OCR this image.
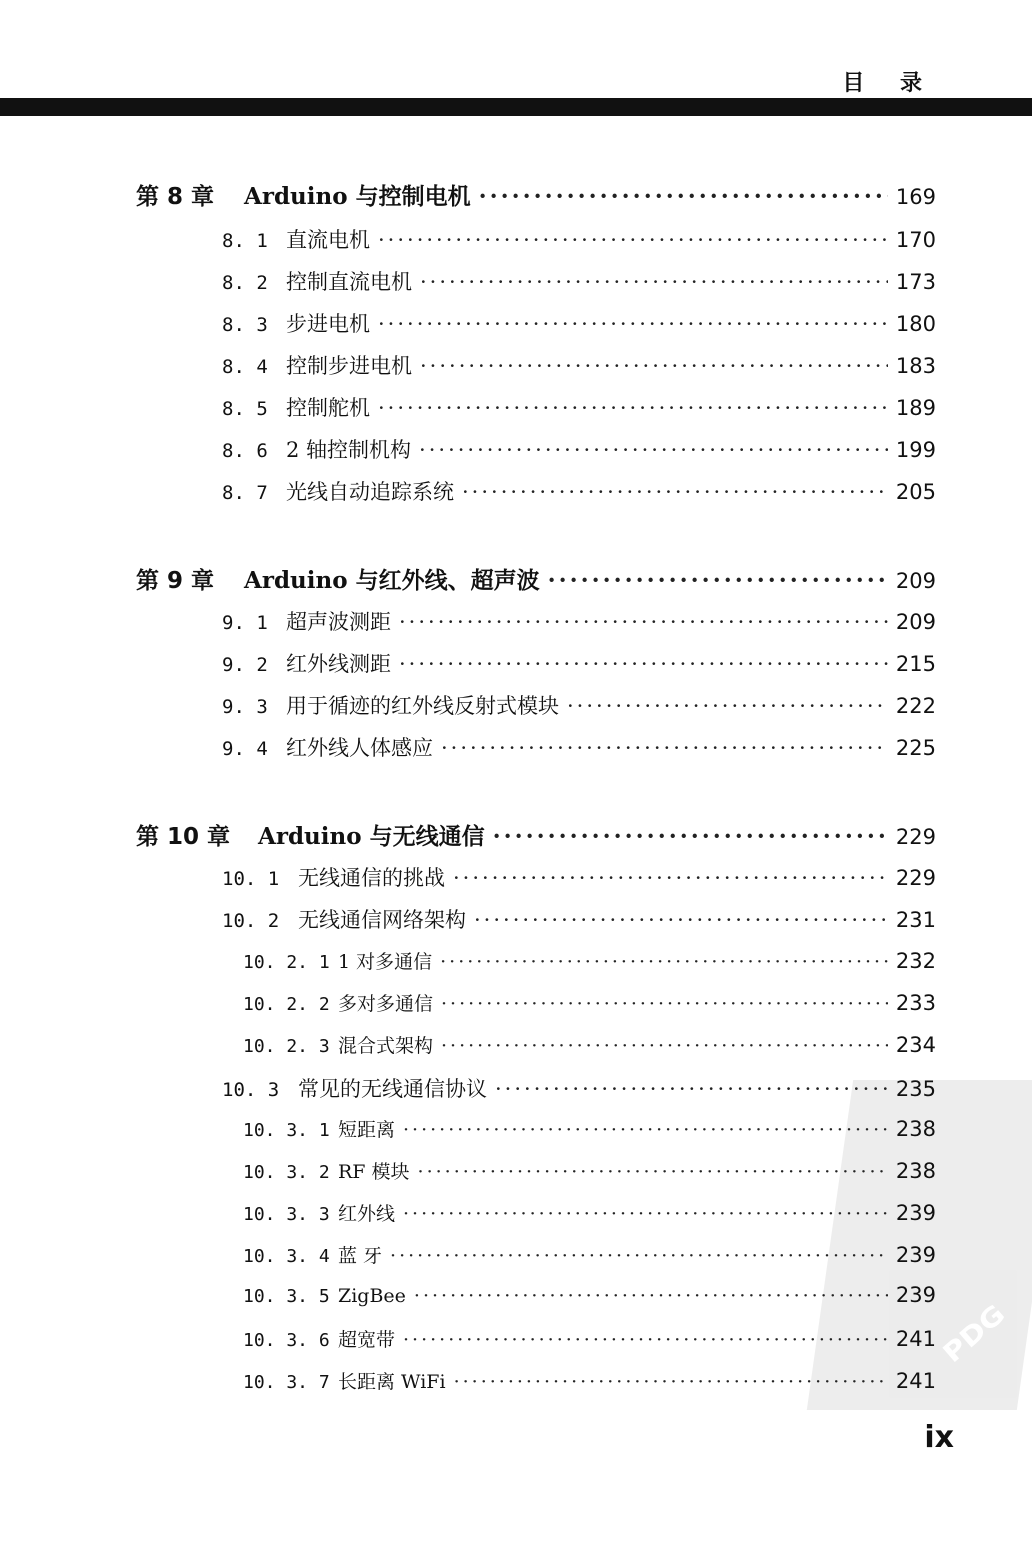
目 录
PDG
第 8 章	Arduino 与控制电机 ·····	169
8. 1 直流电机 ·····	170
8. 2 控制直流电机 ·····	173
8. 3 步进电机 ·····	180
8. 4 控制步进电机 ·····	183
8. 5 控制舵机 ·····	189
8. 6 2 轴控制机构 ·····	199
8. 7 光线自动追踪系统 ·····	205
第 9 章	Arduino 与红外线、超声波 ·····	209
9. 1 超声波测距 ·····	209
9. 2 红外线测距 ·····	215
9. 3 用于循迹的红外线反射式模块 ·····	222
9. 4 红外线人体感应 ·····	225
第 10 章	Arduino 与无线通信 ·····	229
10. 1 无线通信的挑战 ·····	229
10. 2 无线通信网络架构 ·····	231
10. 2. 1 1 对多通信 ·····	232
10. 2. 2 多对多通信 ·····	233
10. 2. 3 混合式架构 ·····	234
10. 3 常见的无线通信协议 ·····	235
10. 3. 1 短距离 ·····	238
10. 3. 2 RF 模块 ·····	238
10. 3. 3 红外线 ·····	239
10. 3. 4 蓝 牙 ·····	239
10. 3. 5 ZigBee ·····	239
10. 3. 6 超宽带 ·····	241
10. 3. 7 长距离 WiFi ·····	241
ix
